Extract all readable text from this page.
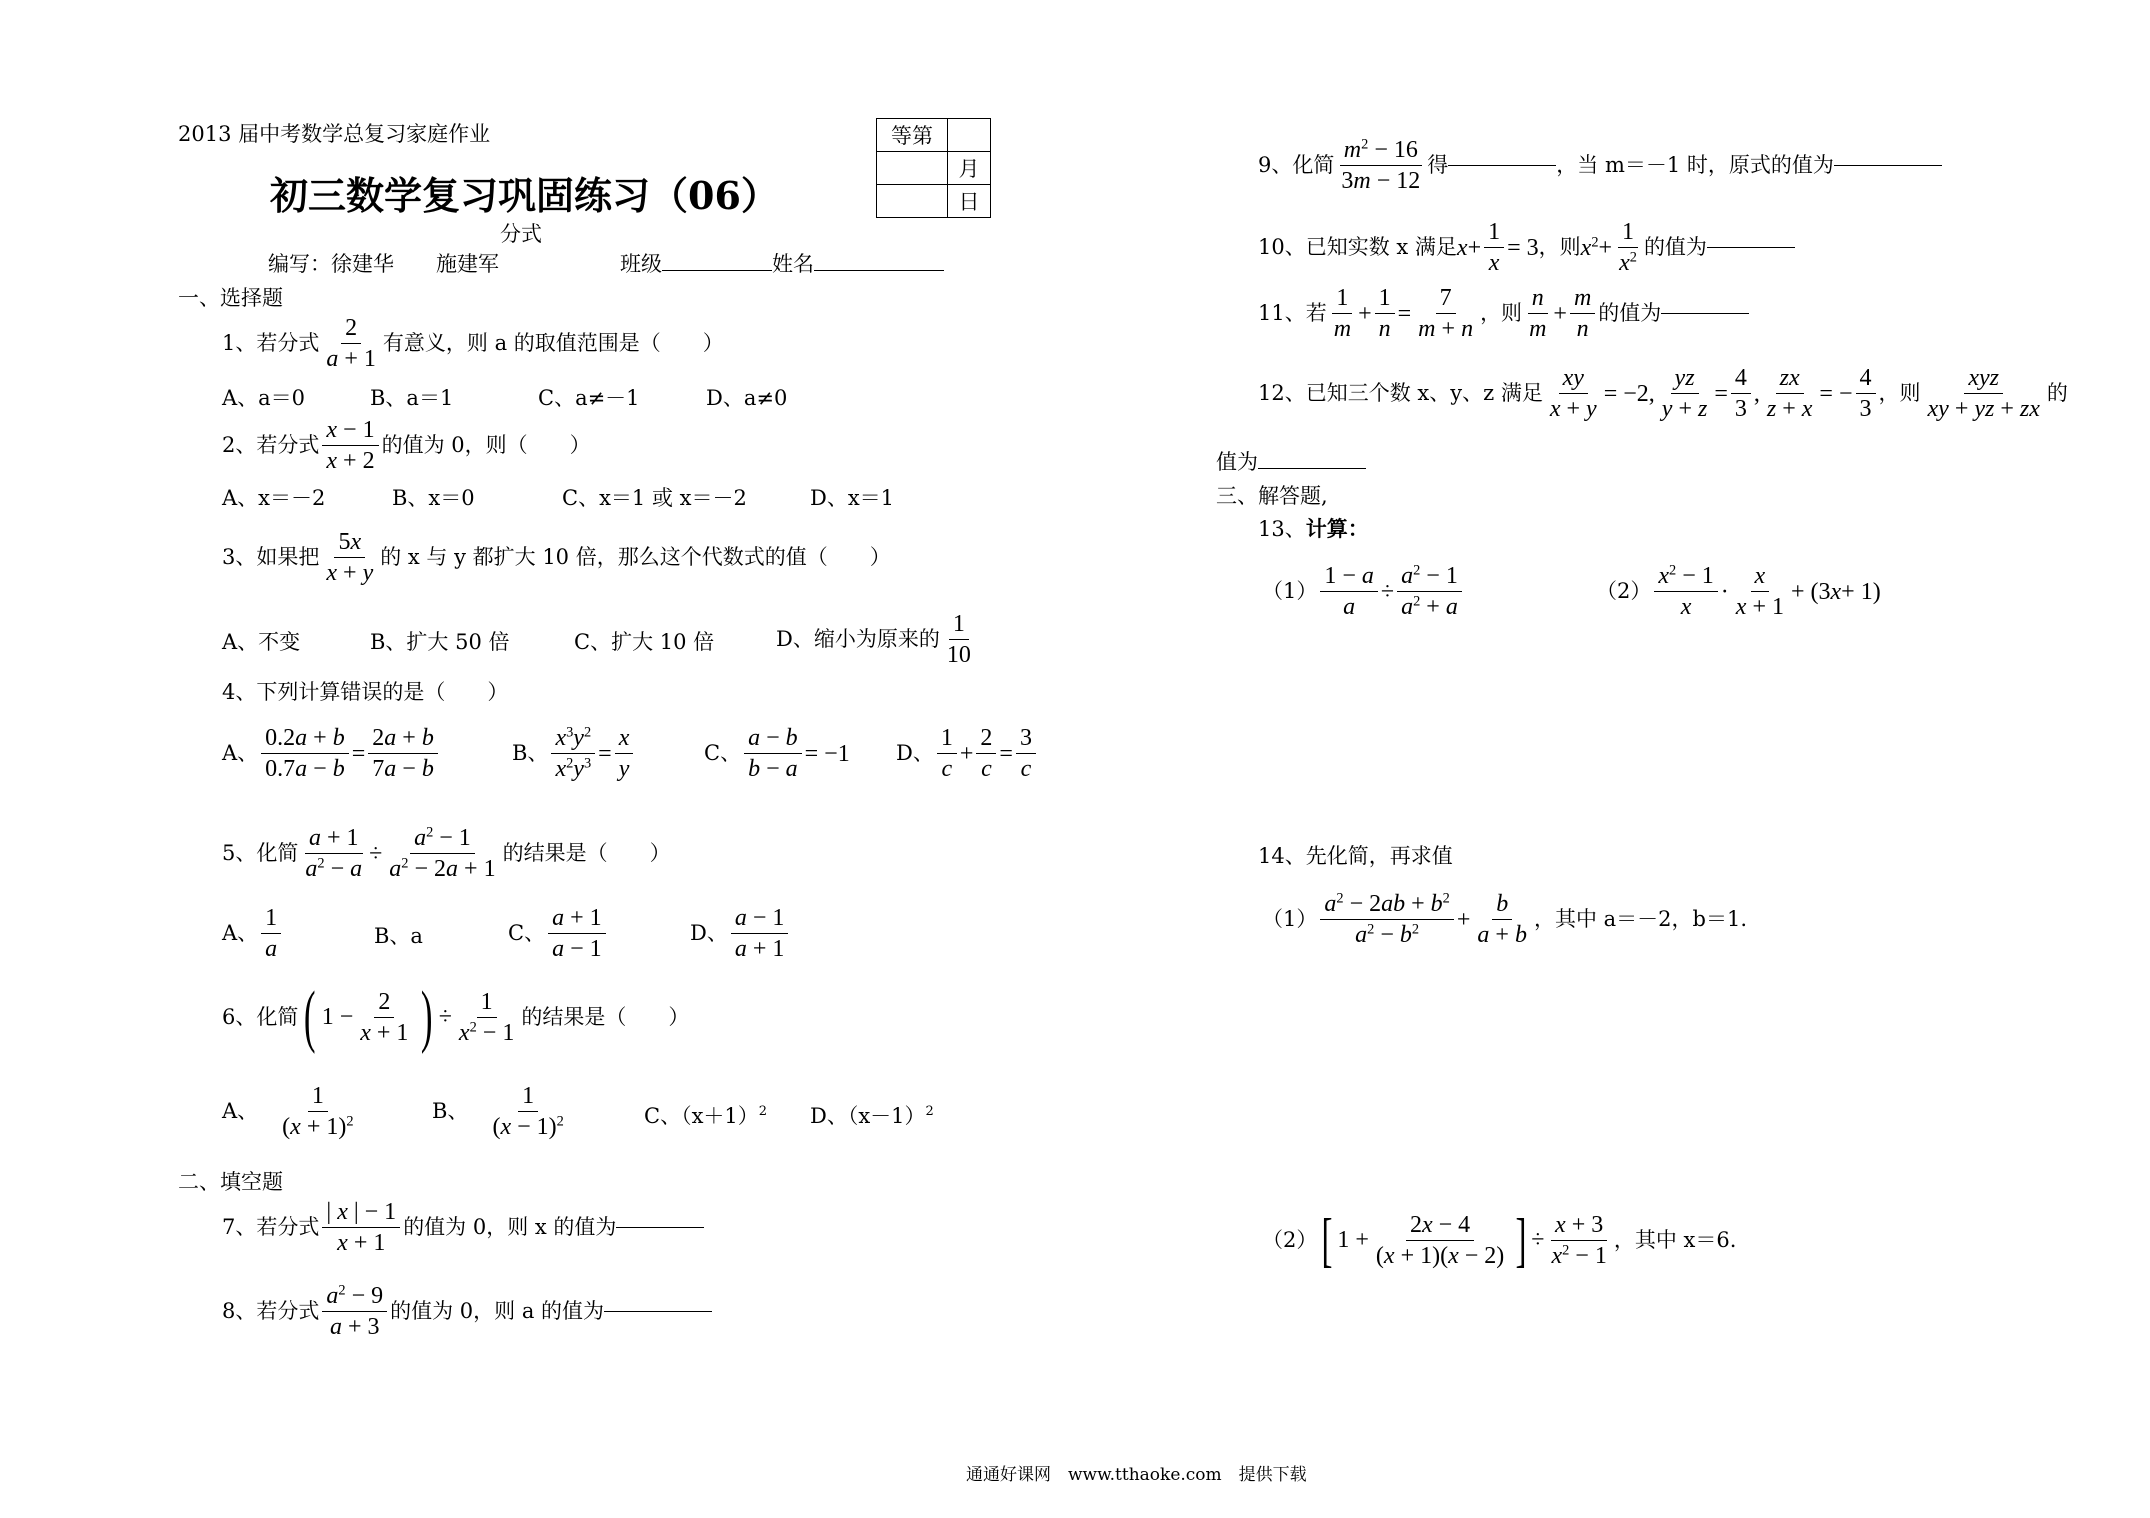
2013 届中考数学总复习家庭作业
初三数学复习巩固练习（06）
分式
编写：徐建华　　施建军	班级	姓名
等第	
	月
	日
一、选择题
1、若分式 $\frac{2}{a + 1}$ 有意义，则 a 的取值范围是（　　）
A、a＝0	B、a＝1	C、a≠－1	D、a≠0
2、若分式 $\frac{x - 1}{x + 2}$ 的值为 0，则（　　）
A、x＝－2	B、x＝0	C、x＝1 或 x＝－2	D、x＝1
3、如果把 $\frac{5x}{x + y}$ 的 x 与 y 都扩大 10 倍，那么这个代数式的值（　　）
A、不变	B、扩大 50 倍	C、扩大 10 倍	D、缩小为原来的 $\frac{1}{10}$
4、下列计算错误的是（　　）
A、 $\frac{0.2a + b}{0.7a - b} = \frac{2a + b}{7a - b}$	B、 $\frac{x^3y^2}{x^2y^3} = \frac{x}{y}$	C、 $\frac{a - b}{b - a} = -1$ D、 $\frac{1}{c} + \frac{2}{c} = \frac{3}{c}$
5、化简 $\frac{a + 1}{a^2 - a} \div \frac{a^2 - 1}{a^2 - 2a + 1}$ 的结果是（　　）
A、 $\frac{1}{a}$	B、a	C、 $\frac{a + 1}{a - 1}$	D、 $\frac{a - 1}{a + 1}$
6、化简 ( $1 - \frac{2}{x + 1}$ ) ÷ $\frac{1}{x^2 - 1}$ 的结果是（　　）
A、 $\frac{1}{(x + 1)^2}$	B、 $\frac{1}{(x - 1)^2}$	C、$(x+1)^2$ D、$(x-1)^2$
二、填空题
7、若分式 $\frac{| x | - 1}{x + 1}$ 的值为 0，则 x 的值为
8、若分式 $\frac{a^2 - 9}{a + 3}$ 的值为 0，则 a 的值为
9、化简 $\frac{m^2 - 16}{3m - 12}$ 得	，当 m＝－1 时，原式的值为
10、已知实数 x 满足 $x + \frac{1}{x} = 3$ ，则 $x^2 + \frac{1}{x^2}$ 的值为
11、若 $\frac{1}{m} + \frac{1}{n} = \frac{7}{m + n}$ ，则 $\frac{n}{m} + \frac{m}{n}$ 的值为
12、已知三个数 x、y、z 满足 $\frac{xy}{x + y} = -2$, $\frac{yz}{y + z} = \frac{4}{3}$ , $\frac{zx}{z + x}$ = − $\frac{4}{3}$ ，则 $\frac{\text{xyz}}{xy + yz + zx}$ 的
值为
三、解答题,
13、计算：
$(1) \frac{1 - a}{a} \div \frac{a^2 - 1}{a^2 + a}$	$(2) \frac{x^2 - 1}{x} \cdot \frac{x}{x + 1} + (3$ x + 1)
14、先化简，再求值
$(1) \frac{a^2 - 2ab + b^2}{a^2 - b^2} + \frac{b}{a + b}$ ，其中 a＝－2，b＝1.
（2） [ $1 + \frac{2x - 4}{(x + 1)(x - 2)}$ ] ÷ $\frac{x + 3}{x^2 - 1}$ ，其中 x＝6.
通通好课网　www.tthaoke.com　提供下载
